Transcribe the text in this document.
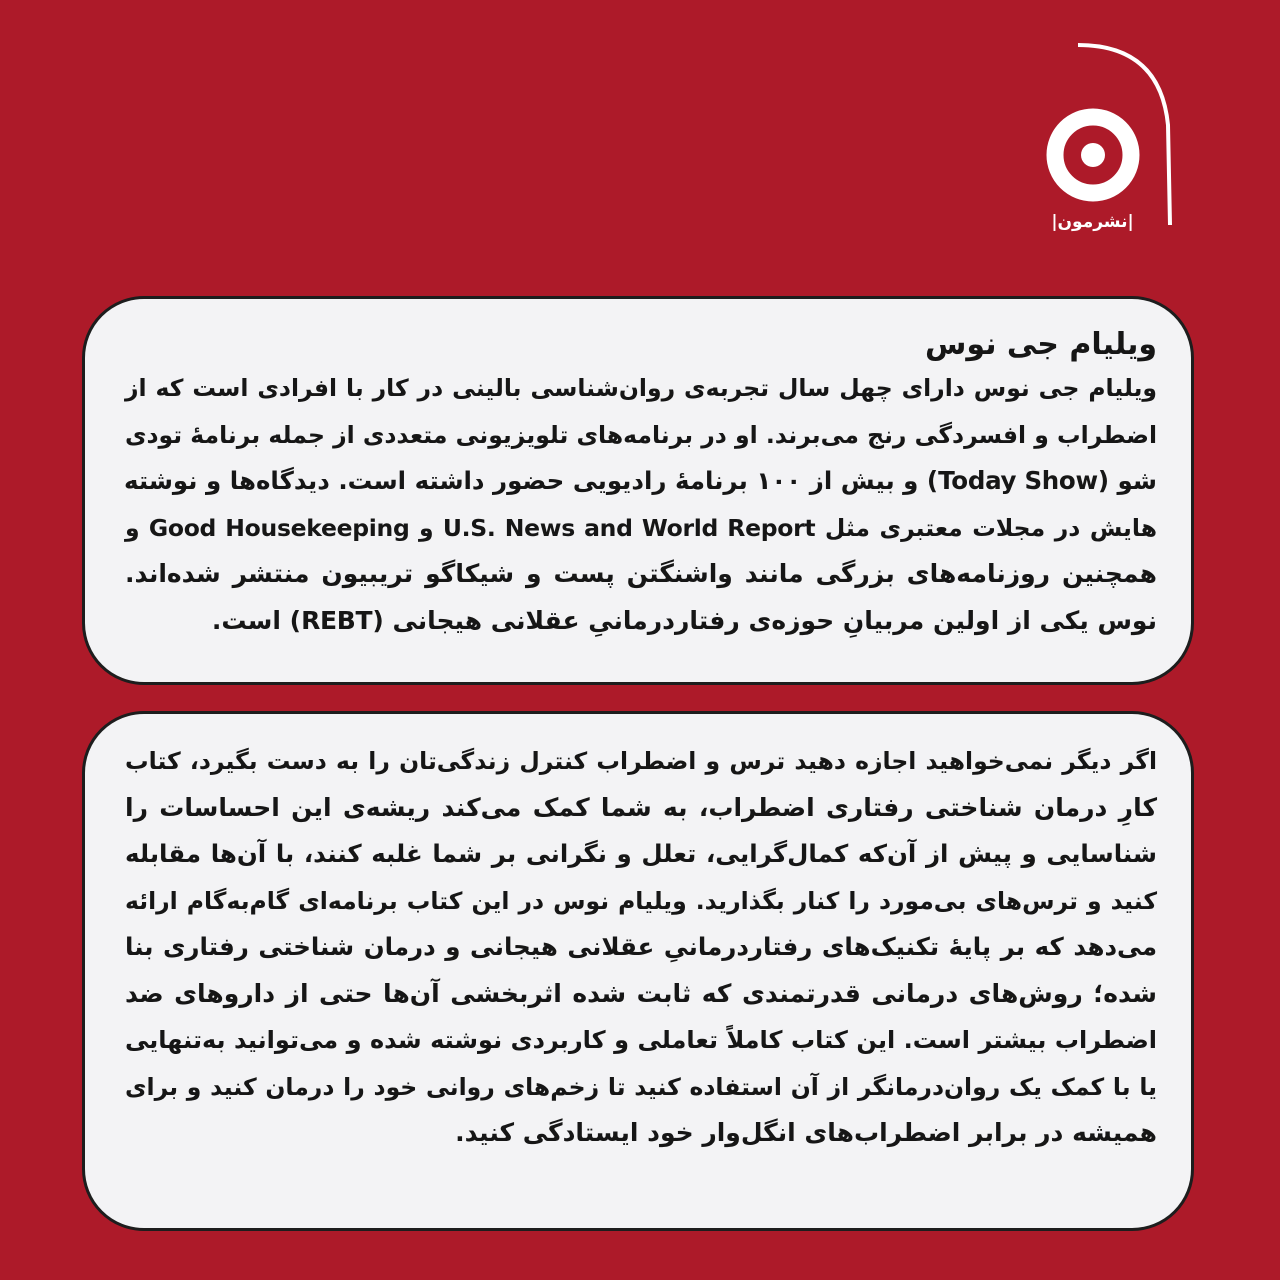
|نشرمون|
ویلیام جی نوس
ویلیام جی نوس دارای چهل سال تجربه‌ی روان‌شناسی بالینی در کار با افرادی است که از
اضطراب و افسردگی رنج می‌برند. او در برنامه‌های تلویزیونی متعددی از جمله برنامهٔ تودی
شو (Today Show) و بیش از ۱۰۰ برنامهٔ رادیویی حضور داشته است. دیدگاه‌ها و نوشته
هایش در مجلات معتبری مثل U.S. News and World Report و Good Housekeeping و
همچنین روزنامه‌های بزرگی مانند واشنگتن پست و شیکاگو تریبیون منتشر شده‌اند.
نوس یکی از اولین مربیانِ حوزه‌ی رفتاردرمانیِ عقلانی هیجانی (REBT) است.
اگر دیگر نمی‌خواهید اجازه دهید ترس و اضطراب کنترل زندگی‌تان را به دست بگیرد، کتاب
کارِ درمان شناختی رفتاری اضطراب، به شما کمک می‌کند ریشه‌ی این احساسات را
شناسایی و پیش از آن‌که کمال‌گرایی، تعلل و نگرانی بر شما غلبه کنند، با آن‌ها مقابله
کنید و ترس‌های بی‌مورد را کنار بگذارید. ویلیام نوس در این کتاب برنامه‌ای گام‌به‌گام ارائه
می‌دهد که بر پایهٔ تکنیک‌های رفتاردرمانیِ عقلانی هیجانی و درمان شناختی رفتاری بنا
شده؛ روش‌های درمانی قدرتمندی که ثابت شده اثربخشی آن‌ها حتی از داروهای ضد
اضطراب بیشتر است. این کتاب کاملاً تعاملی و کاربردی نوشته شده و می‌توانید به‌تنهایی
یا با کمک یک روان‌درمانگر از آن استفاده کنید تا زخم‌های روانی خود را درمان کنید و برای
همیشه در برابر اضطراب‌های انگل‌وار خود ایستادگی کنید.
